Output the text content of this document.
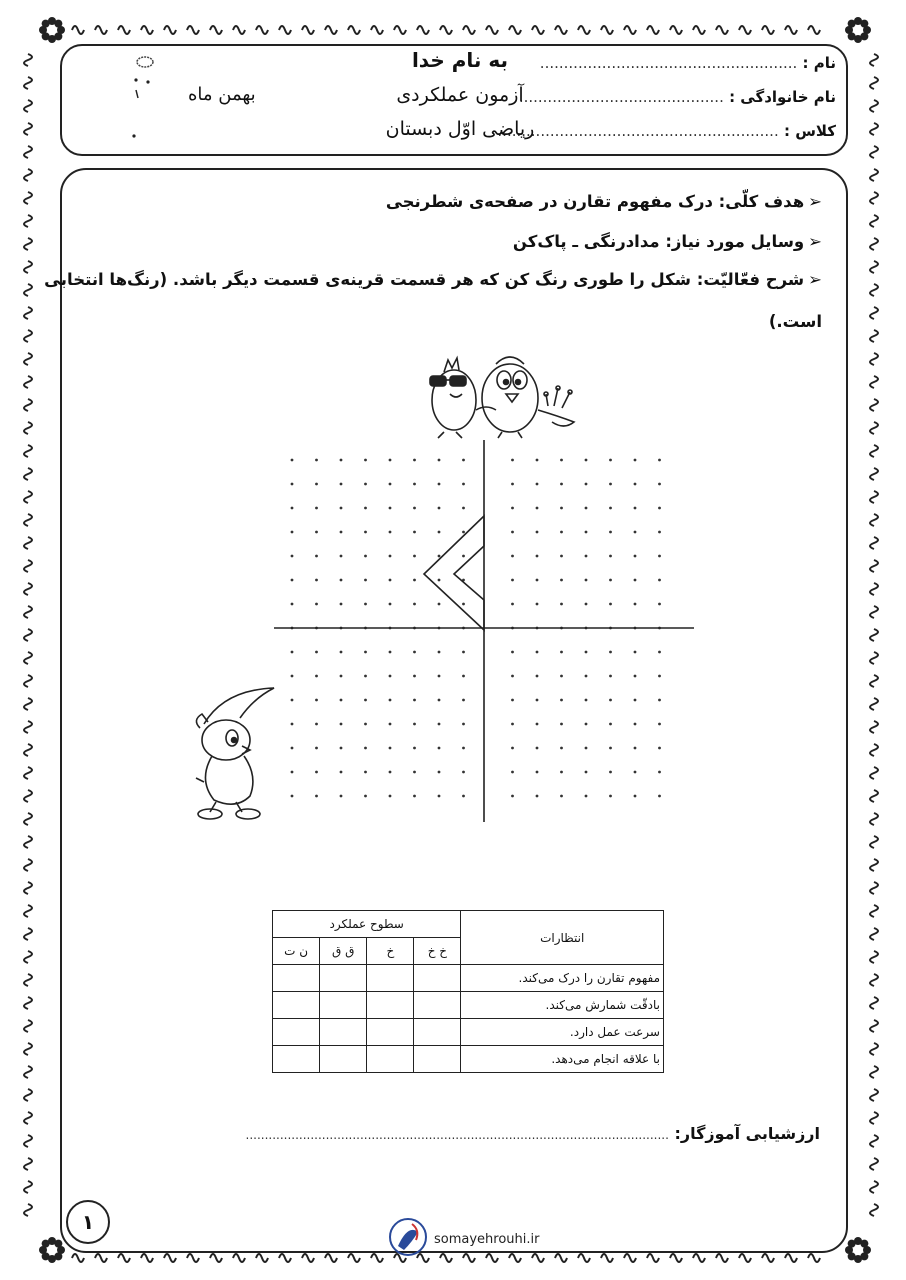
نام : ......................................................
نام خانوادگی : ...........................................
کلاس : ...........................................................
به نام خدا
آزمون عملکردی
ریاضی اوّل دبستان
بهمن ماه
➢هدف کلّی: درک مفهوم تقارن در صفحه‌ی شطرنجی
➢وسایل مورد نیاز: مدادرنگی ـ پاک‌کن
➢شرح فعّالیّت: شکل را طوری رنگ کن که هر قسمت قرینه‌ی قسمت دیگر باشد. (رنگ‌ها انتخابی
است.)
انتظارات	سطوح عملکرد			
	خ خ	خ	ق ق	ن ت
مفهوم تقارن را درک می‌کند.				
بادقّت شمارش می‌کند.				
سرعت عمل دارد.				
با علاقه انجام می‌دهد.				
ارزشیابی آموزگار: ...............................................................................................................
۱
somayehrouhi.ir
